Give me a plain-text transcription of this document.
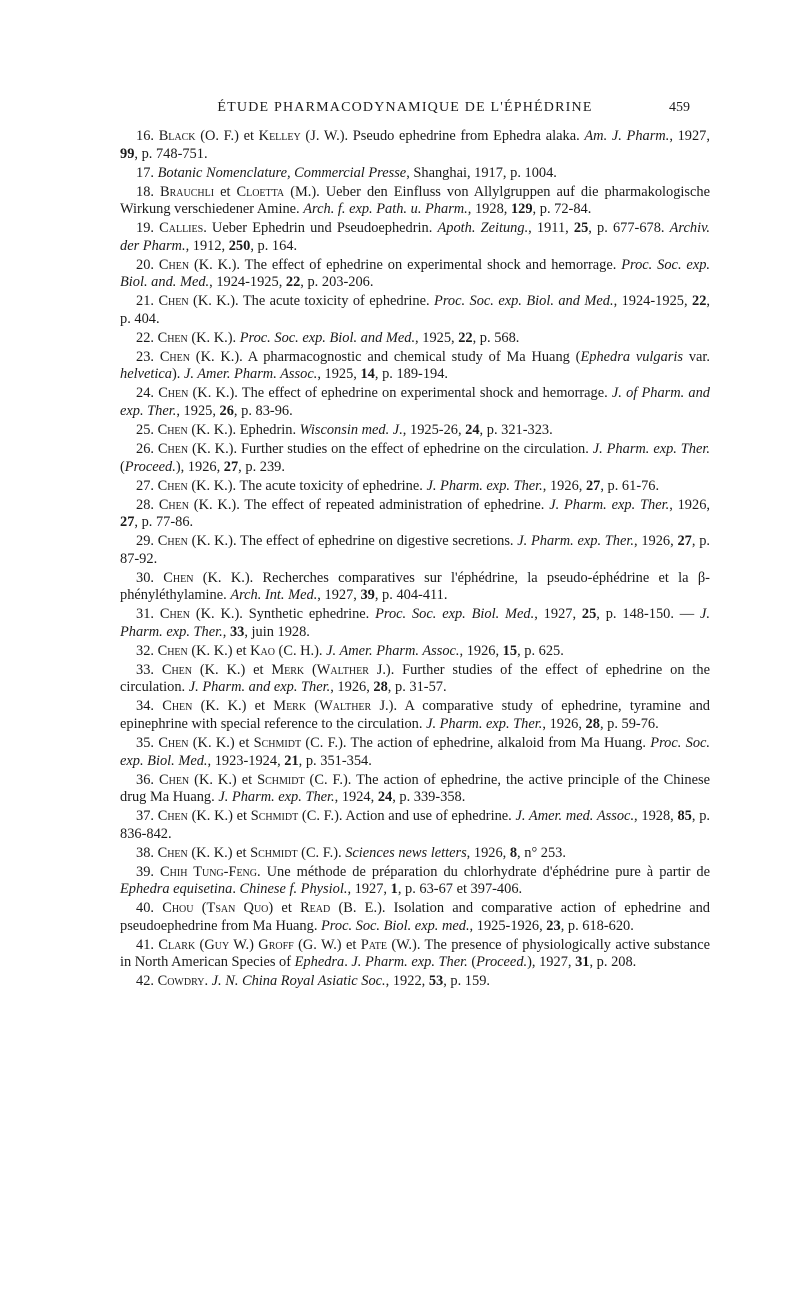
ÉTUDE PHARMACODYNAMIQUE DE L'ÉPHÉDRINE	459

16. Black (O. F.) et Kelley (J. W.). Pseudo ephedrine from Ephedra alaka. Am. J. Pharm., 1927, 99, p. 748-751.

17. Botanic Nomenclature, Commercial Presse, Shanghai, 1917, p. 1004.

18. Brauchli et Cloetta (M.). Ueber den Einfluss von Allylgruppen auf die pharmakologische Wirkung verschiedener Amine. Arch. f. exp. Path. u. Pharm., 1928, 129, p. 72-84.

19. Callies. Ueber Ephedrin und Pseudoephedrin. Apoth. Zeitung., 1911, 25, p. 677-678. Archiv. der Pharm., 1912, 250, p. 164.

20. Chen (K. K.). The effect of ephedrine on experimental shock and hemorrage. Proc. Soc. exp. Biol. and. Med., 1924-1925, 22, p. 203-206.

21. Chen (K. K.). The acute toxicity of ephedrine. Proc. Soc. exp. Biol. and Med., 1924-1925, 22, p. 404.

22. Chen (K. K.). Proc. Soc. exp. Biol. and Med., 1925, 22, p. 568.

23. Chen (K. K.). A pharmacognostic and chemical study of Ma Huang (Ephedra vulgaris var. helvetica). J. Amer. Pharm. Assoc., 1925, 14, p. 189-194.

24. Chen (K. K.). The effect of ephedrine on experimental shock and hemorrage. J. of Pharm. and exp. Ther., 1925, 26, p. 83-96.

25. Chen (K. K.). Ephedrin. Wisconsin med. J., 1925-26, 24, p. 321-323.

26. Chen (K. K.). Further studies on the effect of ephedrine on the circulation. J. Pharm. exp. Ther. (Proceed.), 1926, 27, p. 239.

27. Chen (K. K.). The acute toxicity of ephedrine. J. Pharm. exp. Ther., 1926, 27, p. 61-76.

28. Chen (K. K.). The effect of repeated administration of ephedrine. J. Pharm. exp. Ther., 1926, 27, p. 77-86.

29. Chen (K. K.). The effect of ephedrine on digestive secretions. J. Pharm. exp. Ther., 1926, 27, p. 87-92.

30. Chen (K. K.). Recherches comparatives sur l'éphédrine, la pseudo-éphédrine et la β-phényléthylamine. Arch. Int. Med., 1927, 39, p. 404-411.

31. Chen (K. K.). Synthetic ephedrine. Proc. Soc. exp. Biol. Med., 1927, 25, p. 148-150. — J. Pharm. exp. Ther., 33, juin 1928.

32. Chen (K. K.) et Kao (C. H.). J. Amer. Pharm. Assoc., 1926, 15, p. 625.

33. Chen (K. K.) et Merk (Walther J.). Further studies of the effect of ephedrine on the circulation. J. Pharm. and exp. Ther., 1926, 28, p. 31-57.

34. Chen (K. K.) et Merk (Walther J.). A comparative study of ephedrine, tyramine and epinephrine with special reference to the circulation. J. Pharm. exp. Ther., 1926, 28, p. 59-76.

35. Chen (K. K.) et Schmidt (C. F.). The action of ephedrine, alkaloid from Ma Huang. Proc. Soc. exp. Biol. Med., 1923-1924, 21, p. 351-354.

36. Chen (K. K.) et Schmidt (C. F.). The action of ephedrine, the active principle of the Chinese drug Ma Huang. J. Pharm. exp. Ther., 1924, 24, p. 339-358.

37. Chen (K. K.) et Schmidt (C. F.). Action and use of ephedrine. J. Amer. med. Assoc., 1928, 85, p. 836-842.

38. Chen (K. K.) et Schmidt (C. F.). Sciences news letters, 1926, 8, n° 253.

39. Chih Tung-Feng. Une méthode de préparation du chlorhydrate d'éphédrine pure à partir de Ephedra equisetina. Chinese f. Physiol., 1927, 1, p. 63-67 et 397-406.

40. Chou (Tsan Quo) et Read (B. E.). Isolation and comparative action of ephedrine and pseudoephedrine from Ma Huang. Proc. Soc. Biol. exp. med., 1925-1926, 23, p. 618-620.

41. Clark (Guy W.) Groff (G. W.) et Pate (W.). The presence of physiologically active substance in North American Species of Ephedra. J. Pharm. exp. Ther. (Proceed.), 1927, 31, p. 208.

42. Cowdry. J. N. China Royal Asiatic Soc., 1922, 53, p. 159.
